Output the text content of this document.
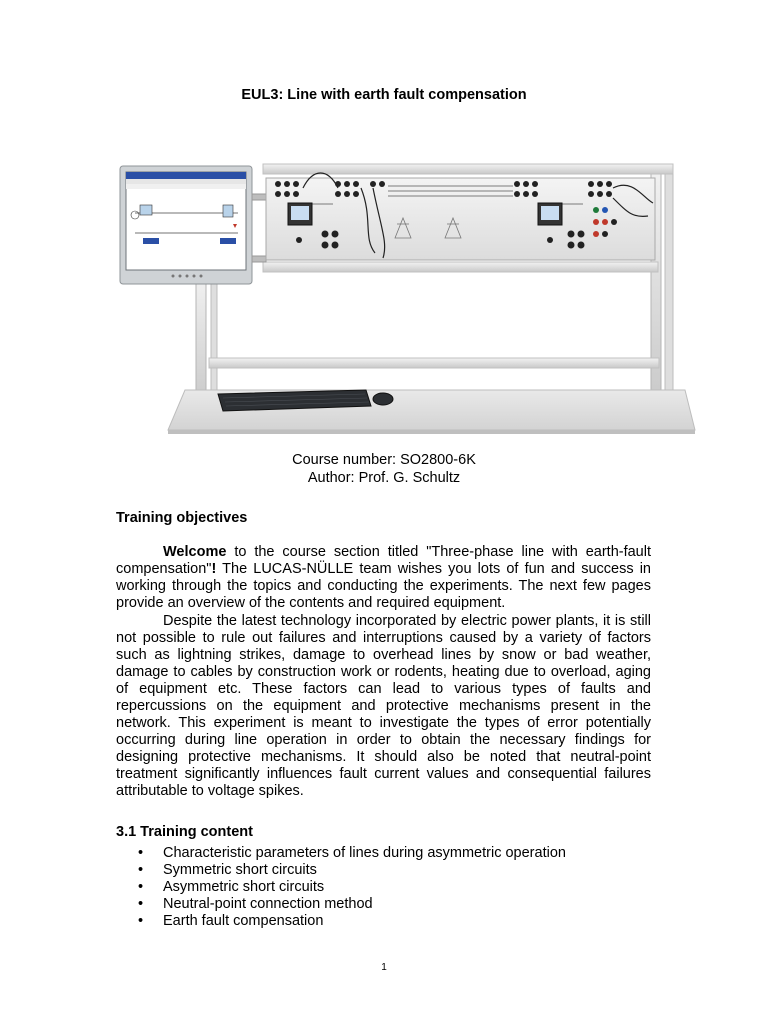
EUL3: Line with earth fault compensation
Course number: SO2800-6K
Author: Prof. G. Schultz
Training objectives

Welcome to the course section titled "Three-phase line with earth-fault compensation"! The LUCAS-NÜLLE team wishes you lots of fun and success in working through the topics and conducting the experiments. The next few pages provide an overview of the contents and required equipment.

Despite the latest technology incorporated by electric power plants, it is still not possible to rule out failures and interruptions caused by a variety of factors such as lightning strikes, damage to overhead lines by snow or bad weather, damage to cables by construction work or rodents, heating due to overload, aging of equipment etc. These factors can lead to various types of faults and repercussions on the equipment and protective mechanisms present in the network. This experiment is meant to investigate the types of error potentially occurring during line operation in order to obtain the necessary findings for designing protective mechanisms. It should also be noted that neutral-point treatment significantly influences fault current values and consequential failures attributable to voltage spikes.

3.1 Training content
• Characteristic parameters of lines during asymmetric operation
• Symmetric short circuits
• Asymmetric short circuits
• Neutral-point connection method
• Earth fault compensation
1
